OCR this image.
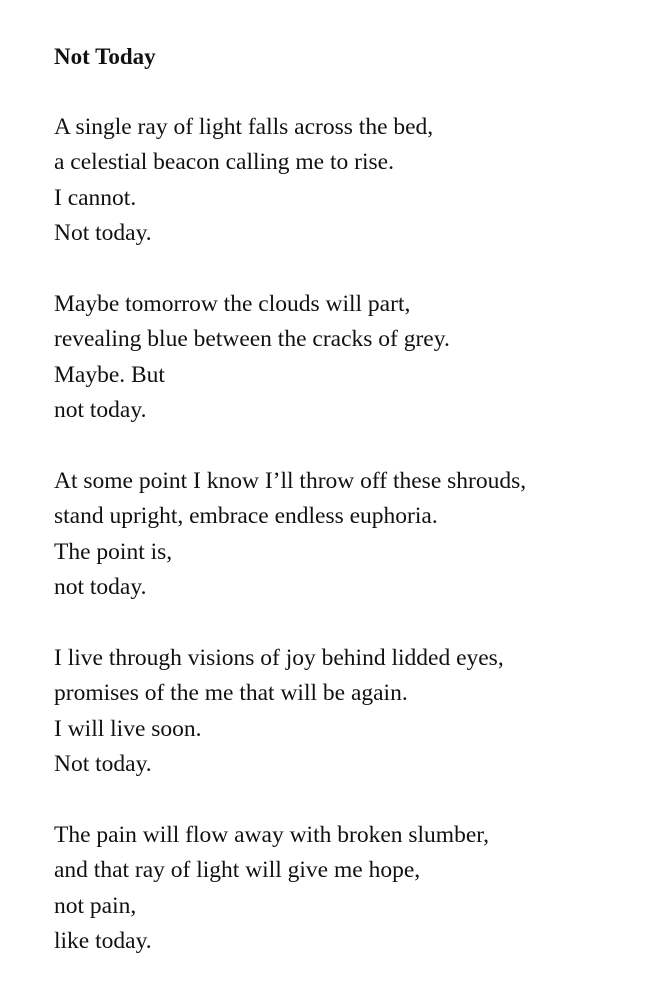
Not Today
A single ray of light falls across the bed,
a celestial beacon calling me to rise.
I cannot.
Not today.
Maybe tomorrow the clouds will part,
revealing blue between the cracks of grey.
Maybe. But
not today.
At some point I know I’ll throw off these shrouds,
stand upright, embrace endless euphoria.
The point is,
not today.
I live through visions of joy behind lidded eyes,
promises of the me that will be again.
I will live soon.
Not today.
The pain will flow away with broken slumber,
and that ray of light will give me hope,
not pain,
like today.
